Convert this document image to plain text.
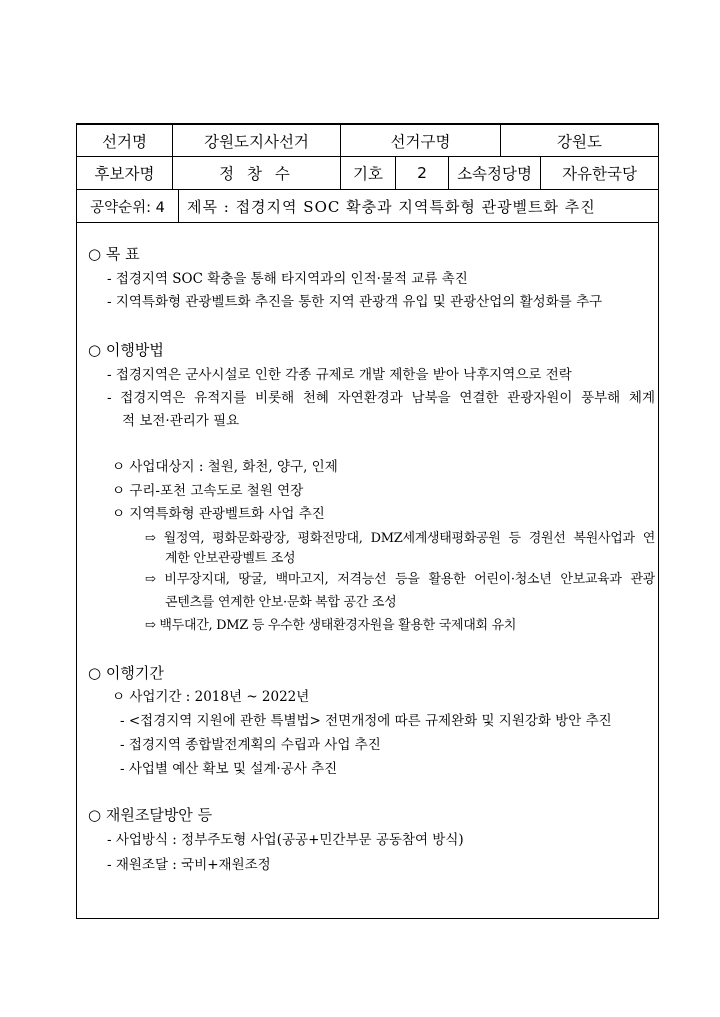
선거명	강원도지사선거	선거구명	강원도
후보자명	정 창 수	기호	2	소속정당명	자유한국당
공약순위: 4	제목 : 접경지역 SOC 확충과 지역특화형 관광벨트화 추진
○ 목 표
- 접경지역 SOC 확충을 통해 타지역과의 인적·물적 교류 촉진
- 지역특화형 관광벨트화 추진을 통한 지역 관광객 유입 및 관광산업의 활성화를 추구
○ 이행방법
- 접경지역은 군사시설로 인한 각종 규제로 개발 제한을 받아 낙후지역으로 전락
- 접경지역은 유적지를 비롯해 천혜 자연환경과 남북을 연결한 관광자원이 풍부해 체계
적 보전·관리가 필요
ㅇ 사업대상지 : 철원, 화천, 양구, 인제
ㅇ 구리-포천 고속도로 철원 연장
ㅇ 지역특화형 관광벨트화 사업 추진
⇨ 월정역, 평화문화광장, 평화전망대, DMZ세계생태평화공원 등 경원선 복원사업과 연
계한 안보관광벨트 조성
⇨ 비무장지대, 땅굴, 백마고지, 저격능선 등을 활용한 어린이·청소년 안보교육과 관광
콘텐츠를 연계한 안보·문화 복합 공간 조성
⇨ 백두대간, DMZ 등 우수한 생태환경자원을 활용한 국제대회 유치
○ 이행기간
ㅇ 사업기간 : 2018년 ~ 2022년
- <접경지역 지원에 관한 특별법> 전면개정에 따른 규제완화 및 지원강화 방안 추진
- 접경지역 종합발전계획의 수립과 사업 추진
- 사업별 예산 확보 및 설계·공사 추진
○ 재원조달방안 등
- 사업방식 : 정부주도형 사업(공공+민간부문 공동참여 방식)
- 재원조달 : 국비+재원조정
